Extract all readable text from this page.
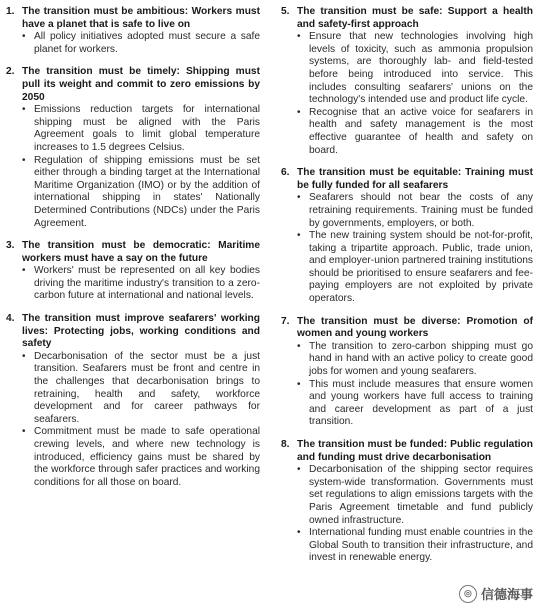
1. The transition must be ambitious: Workers must have a planet that is safe to live on
• All policy initiatives adopted must secure a safe planet for workers.
2. The transition must be timely: Shipping must pull its weight and commit to zero emissions by 2050
• Emissions reduction targets for international shipping must be aligned with the Paris Agreement goals to limit global temperature increases to 1.5 degrees Celsius.
• Regulation of shipping emissions must be set either through a binding target at the International Maritime Organization (IMO) or by the addition of international shipping in states' Nationally Determined Contributions (NDCs) under the Paris Agreement.
3. The transition must be democratic: Maritime workers must have a say on the future
• Workers' must be represented on all key bodies driving the maritime industry's transition to a zero-carbon future at international and national levels.
4. The transition must improve seafarers' working lives: Protecting jobs, working conditions and safety
• Decarbonisation of the sector must be a just transition. Seafarers must be front and centre in the challenges that decarbonisation brings to retraining, health and safety, workforce development and for career pathways for seafarers.
• Commitment must be made to safe operational crewing levels, and where new technology is introduced, efficiency gains must be shared by the workforce through safer practices and working conditions for all those on board.
5. The transition must be safe: Support a health and safety-first approach
• Ensure that new technologies involving high levels of toxicity, such as ammonia propulsion systems, are thoroughly lab- and field-tested before being introduced into service. This includes consulting seafarers' unions on the technology's intended use and product life cycle.
• Recognise that an active voice for seafarers in health and safety management is the most effective guarantee of health and safety on board.
6. The transition must be equitable: Training must be fully funded for all seafarers
• Seafarers should not bear the costs of any retraining requirements. Training must be funded by governments, employers, or both.
• The new training system should be not-for-profit, taking a tripartite approach. Public, trade union, and employer-union partnered training institutions should be prioritised to ensure seafarers and fee-paying employers are not exploited by private operators.
7. The transition must be diverse: Promotion of women and young workers
• The transition to zero-carbon shipping must go hand in hand with an active policy to create good jobs for women and young seafarers.
• This must include measures that ensure women and young workers have full access to training and career development as part of a just transition.
8. The transition must be funded: Public regulation and funding must drive decarbonisation
• Decarbonisation of the shipping sector requires system-wide transformation. Governments must set regulations to align emissions targets with the Paris Agreement timetable and fund publicly owned infrastructure.
• International funding must enable countries in the Global South to transition their infrastructure, and invest in renewable energy.
◎ 信德海事
